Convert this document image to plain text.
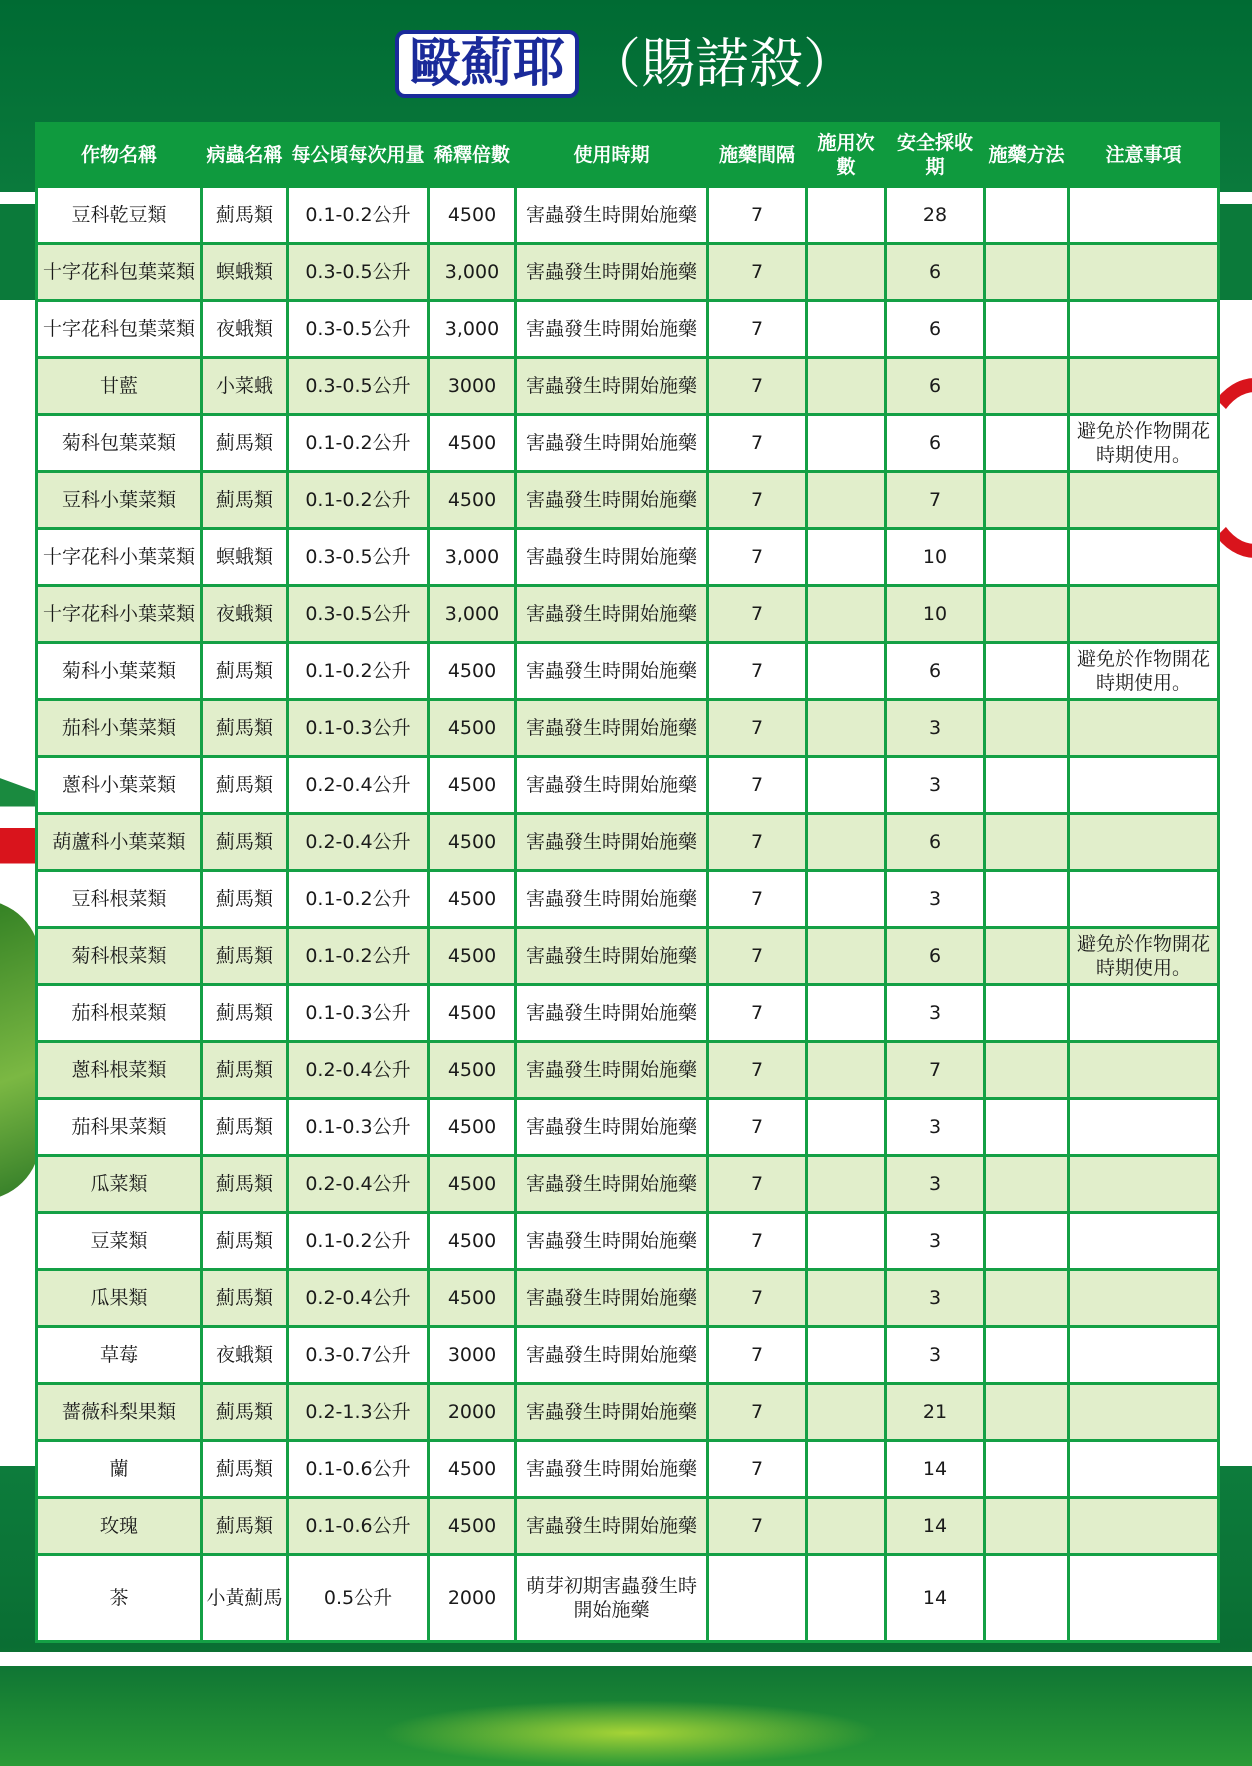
毆薊耶 （賜諾殺）
作物名稱	病蟲名稱	每公頃每次用量	稀釋倍數	使用時期	施藥間隔	施用次數	安全採收期	施藥方法	注意事項
豆科乾豆類	薊馬類	0.1-0.2公升	4500	害蟲發生時開始施藥	7		28		
十字花科包葉菜類	螟蛾類	0.3-0.5公升	3,000	害蟲發生時開始施藥	7		6		
十字花科包葉菜類	夜蛾類	0.3-0.5公升	3,000	害蟲發生時開始施藥	7		6		
甘藍	小菜蛾	0.3-0.5公升	3000	害蟲發生時開始施藥	7		6		
菊科包葉菜類	薊馬類	0.1-0.2公升	4500	害蟲發生時開始施藥	7		6		避免於作物開花時期使用。
豆科小葉菜類	薊馬類	0.1-0.2公升	4500	害蟲發生時開始施藥	7		7		
十字花科小葉菜類	螟蛾類	0.3-0.5公升	3,000	害蟲發生時開始施藥	7		10		
十字花科小葉菜類	夜蛾類	0.3-0.5公升	3,000	害蟲發生時開始施藥	7		10		
菊科小葉菜類	薊馬類	0.1-0.2公升	4500	害蟲發生時開始施藥	7		6		避免於作物開花時期使用。
茄科小葉菜類	薊馬類	0.1-0.3公升	4500	害蟲發生時開始施藥	7		3		
蔥科小葉菜類	薊馬類	0.2-0.4公升	4500	害蟲發生時開始施藥	7		3		
葫蘆科小葉菜類	薊馬類	0.2-0.4公升	4500	害蟲發生時開始施藥	7		6		
豆科根菜類	薊馬類	0.1-0.2公升	4500	害蟲發生時開始施藥	7		3		
菊科根菜類	薊馬類	0.1-0.2公升	4500	害蟲發生時開始施藥	7		6		避免於作物開花時期使用。
茄科根菜類	薊馬類	0.1-0.3公升	4500	害蟲發生時開始施藥	7		3		
蔥科根菜類	薊馬類	0.2-0.4公升	4500	害蟲發生時開始施藥	7		7		
茄科果菜類	薊馬類	0.1-0.3公升	4500	害蟲發生時開始施藥	7		3		
瓜菜類	薊馬類	0.2-0.4公升	4500	害蟲發生時開始施藥	7		3		
豆菜類	薊馬類	0.1-0.2公升	4500	害蟲發生時開始施藥	7		3		
瓜果類	薊馬類	0.2-0.4公升	4500	害蟲發生時開始施藥	7		3		
草莓	夜蛾類	0.3-0.7公升	3000	害蟲發生時開始施藥	7		3		
薔薇科梨果類	薊馬類	0.2-1.3公升	2000	害蟲發生時開始施藥	7		21		
蘭	薊馬類	0.1-0.6公升	4500	害蟲發生時開始施藥	7		14		
玫瑰	薊馬類	0.1-0.6公升	4500	害蟲發生時開始施藥	7		14		
茶	小黃薊馬	0.5公升	2000	萌芽初期害蟲發生時開始施藥			14		
